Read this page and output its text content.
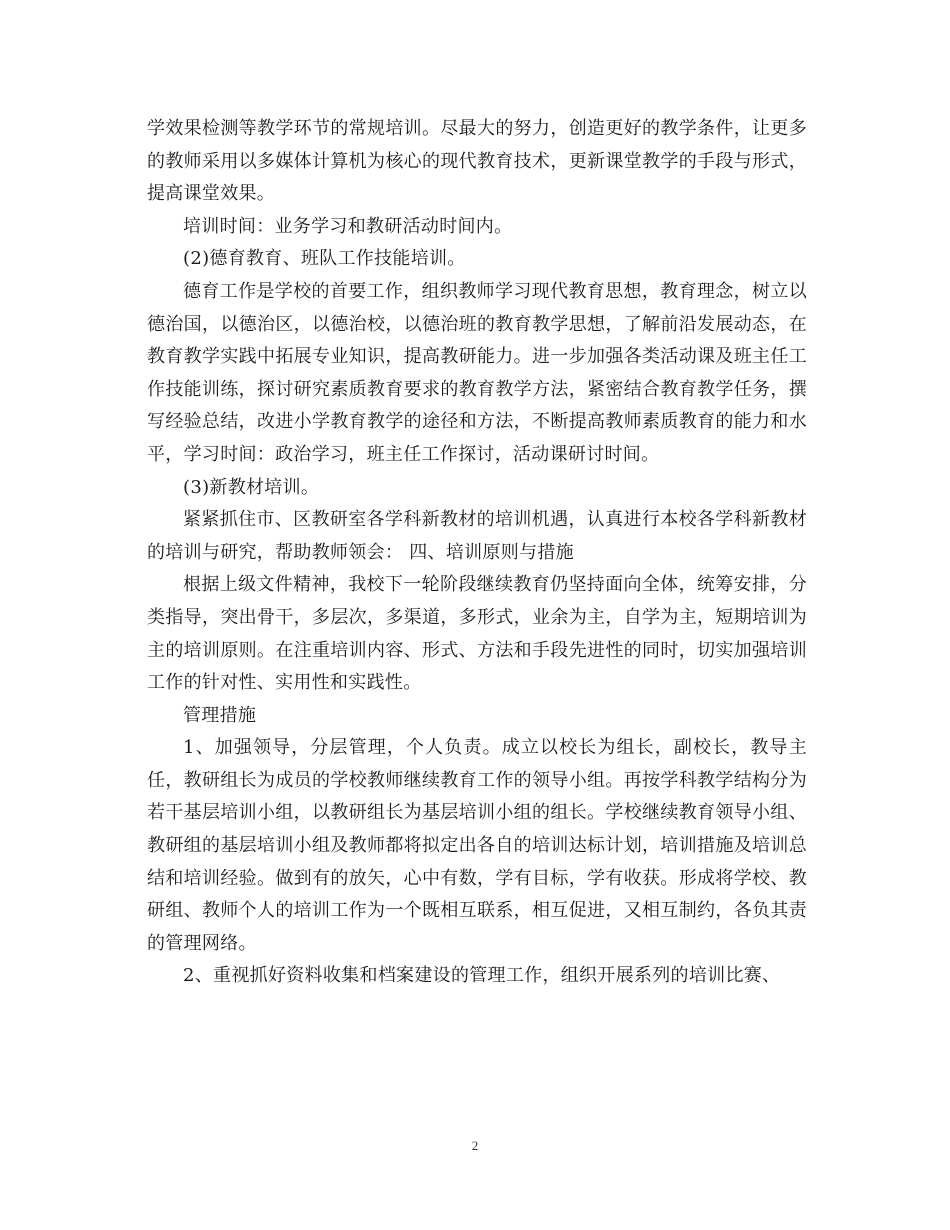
学效果检测等教学环节的常规培训。尽最大的努力，创造更好的教学条件，让更多的教师采用以多媒体计算机为核心的现代教育技术，更新课堂教学的手段与形式，提高课堂效果。

培训时间：业务学习和教研活动时间内。

(2)德育教育、班队工作技能培训。

德育工作是学校的首要工作，组织教师学习现代教育思想，教育理念，树立以德治国，以德治区，以德治校，以德治班的教育教学思想，了解前沿发展动态，在教育教学实践中拓展专业知识，提高教研能力。进一步加强各类活动课及班主任工作技能训练，探讨研究素质教育要求的教育教学方法，紧密结合教育教学任务，撰写经验总结，改进小学教育教学的途径和方法，不断提高教师素质教育的能力和水平，学习时间：政治学习，班主任工作探讨，活动课研讨时间。

(3)新教材培训。

紧紧抓住市、区教研室各学科新教材的培训机遇，认真进行本校各学科新教材的培训与研究，帮助教师领会： 四、培训原则与措施

根据上级文件精神，我校下一轮阶段继续教育仍坚持面向全体，统筹安排，分类指导，突出骨干，多层次，多渠道，多形式，业余为主，自学为主，短期培训为主的培训原则。在注重培训内容、形式、方法和手段先进性的同时，切实加强培训工作的针对性、实用性和实践性。

管理措施

1、加强领导，分层管理，个人负责。成立以校长为组长，副校长，教导主任，教研组长为成员的学校教师继续教育工作的领导小组。再按学科教学结构分为若干基层培训小组，以教研组长为基层培训小组的组长。学校继续教育领导小组、教研组的基层培训小组及教师都将拟定出各自的培训达标计划，培训措施及培训总结和培训经验。做到有的放矢，心中有数，学有目标，学有收获。形成将学校、教研组、教师个人的培训工作为一个既相互联系，相互促进，又相互制约，各负其责的管理网络。

2、重视抓好资料收集和档案建设的管理工作，组织开展系列的培训比赛、

2
